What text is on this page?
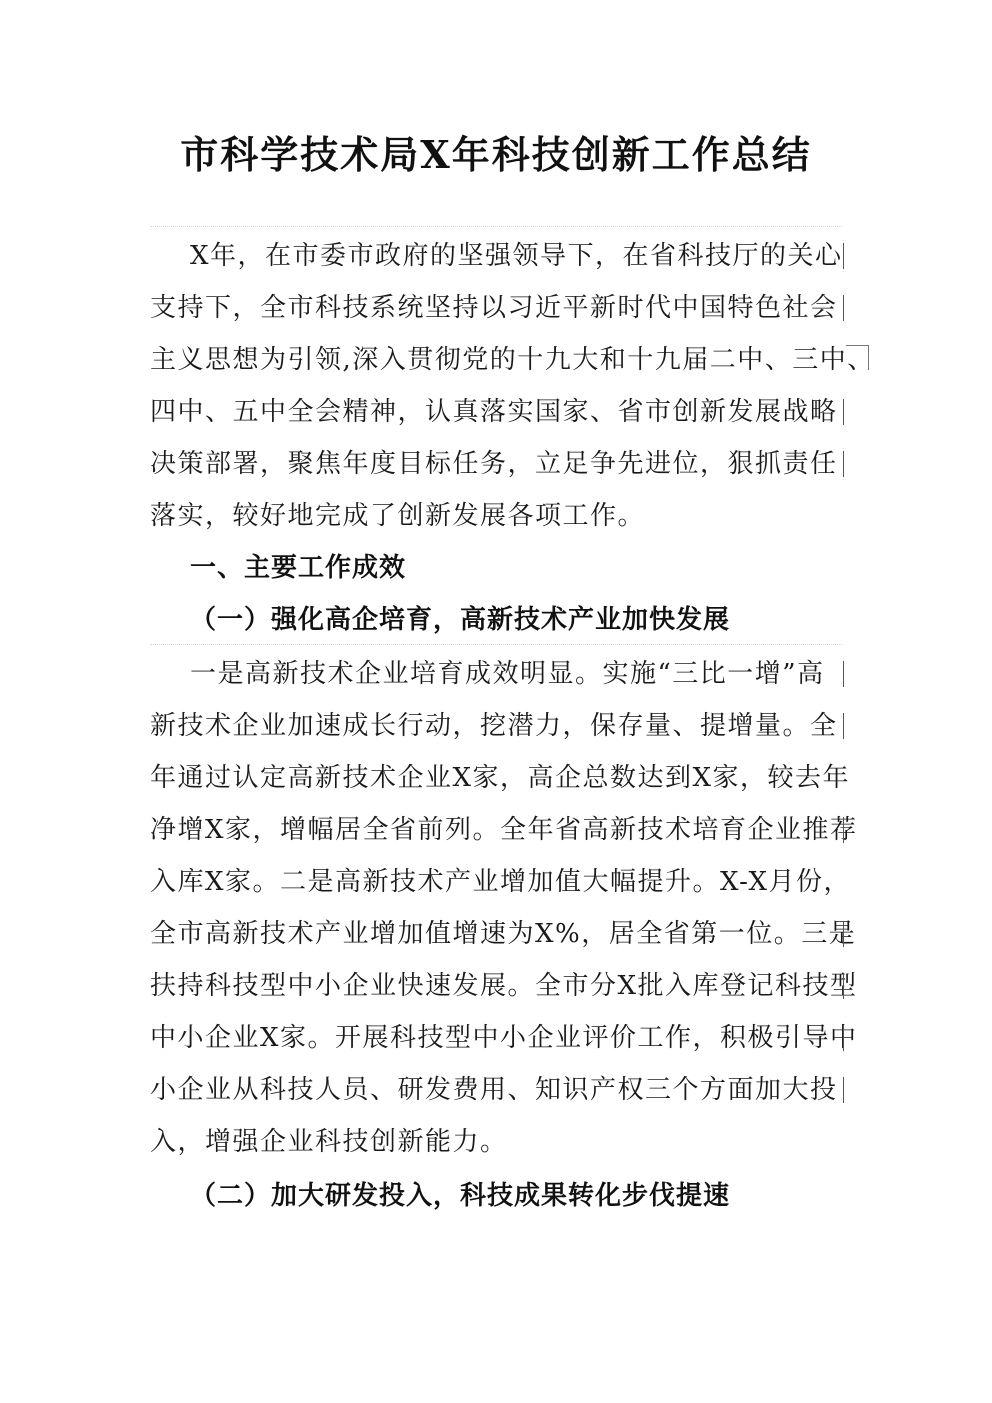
市科学技术局X年科技创新工作总结
X年，在市委市政府的坚强领导下，在省科技厅的关心
支持下，全市科技系统坚持以习近平新时代中国特色社会
主义思想为引领,深入贯彻党的十九大和十九届二中、三中、
四中、五中全会精神，认真落实国家、省市创新发展战略
决策部署，聚焦年度目标任务，立足争先进位，狠抓责任
落实，较好地完成了创新发展各项工作。
一、主要工作成效
（一）强化高企培育，高新技术产业加快发展
一是高新技术企业培育成效明显。实施“三比一增”高
新技术企业加速成长行动，挖潜力，保存量、提增量。全
年通过认定高新技术企业X家，高企总数达到X家，较去年
净增X家，增幅居全省前列。全年省高新技术培育企业推荐
入库X家。二是高新技术产业增加值大幅提升。X-X月份，
全市高新技术产业增加值增速为X%，居全省第一位。三是
扶持科技型中小企业快速发展。全市分X批入库登记科技型
中小企业X家。开展科技型中小企业评价工作，积极引导中
小企业从科技人员、研发费用、知识产权三个方面加大投
入，增强企业科技创新能力。
（二）加大研发投入，科技成果转化步伐提速
